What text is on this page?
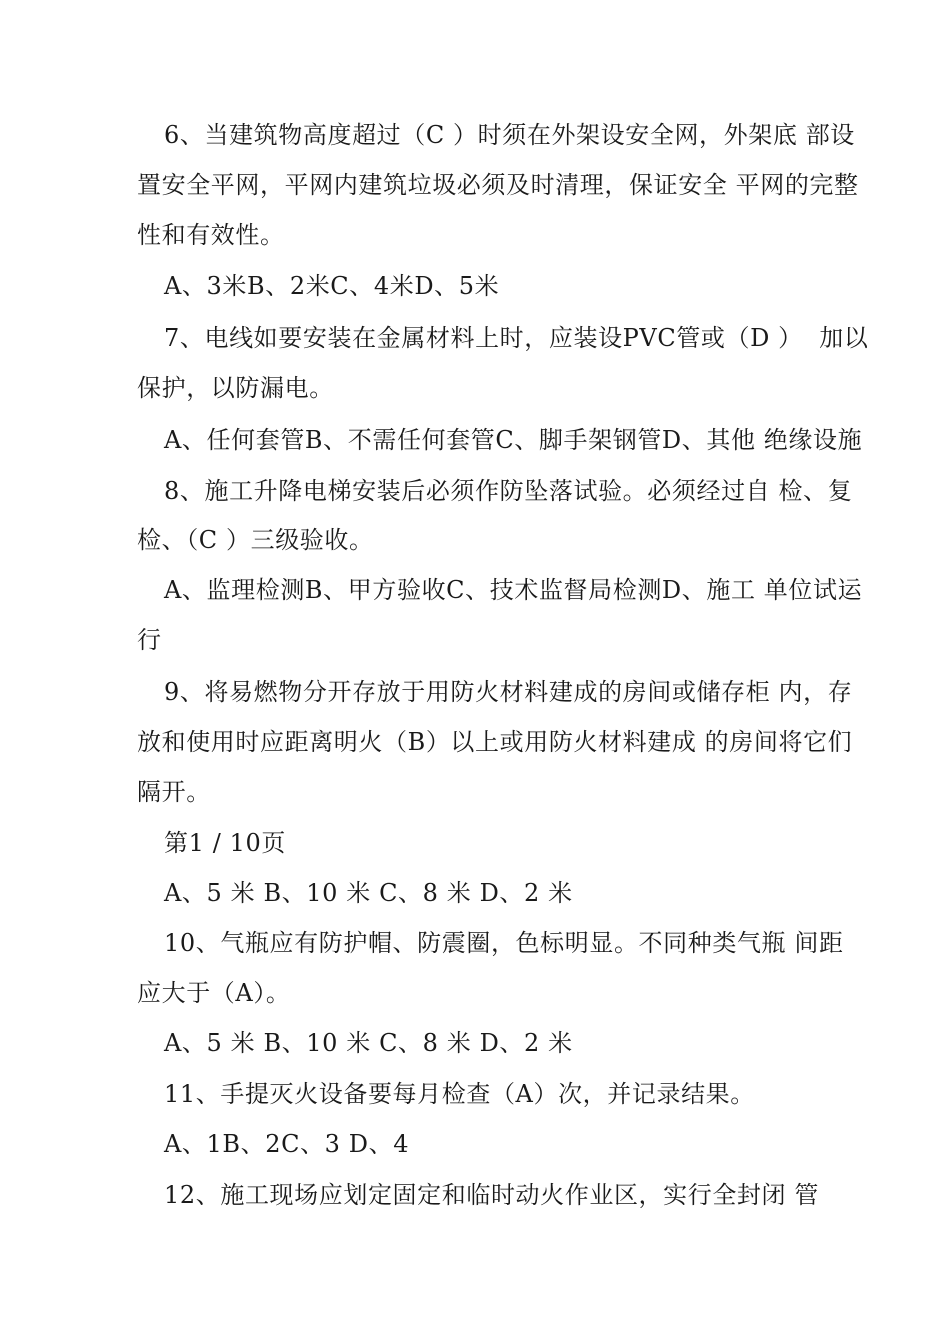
6、当建筑物高度超过（C ）时须在外架设安全网，外架底 部设
置安全平网，平网内建筑垃圾必须及时清理，保证安全 平网的完整
性和有效性。
A、3米B、2米C、4米D、5米
7、电线如要安装在金属材料上时，应装设PVC管或（D ）  加以
保护，以防漏电。
A、任何套管B、不需任何套管C、脚手架钢管D、其他 绝缘设施
8、施工升降电梯安装后必须作防坠落试验。必须经过自 检、复
检、（C ）三级验收。
A、监理检测B、甲方验收C、技术监督局检测D、施工 单位试运
行
9、将易燃物分开存放于用防火材料建成的房间或储存柜 内，存
放和使用时应距离明火（B）以上或用防火材料建成 的房间将它们
隔开。
第1 / 10页
A、5 米 B、10 米 C、8 米 D、2 米
10、气瓶应有防护帽、防震圈，色标明显。不同种类气瓶 间距
应大于（A）。
A、5 米 B、10 米 C、8 米 D、2 米
11、手提灭火设备要每月检查（A）次，并记录结果。
A、1B、2C、3 D、4
12、施工现场应划定固定和临时动火作业区，实行全封闭 管
